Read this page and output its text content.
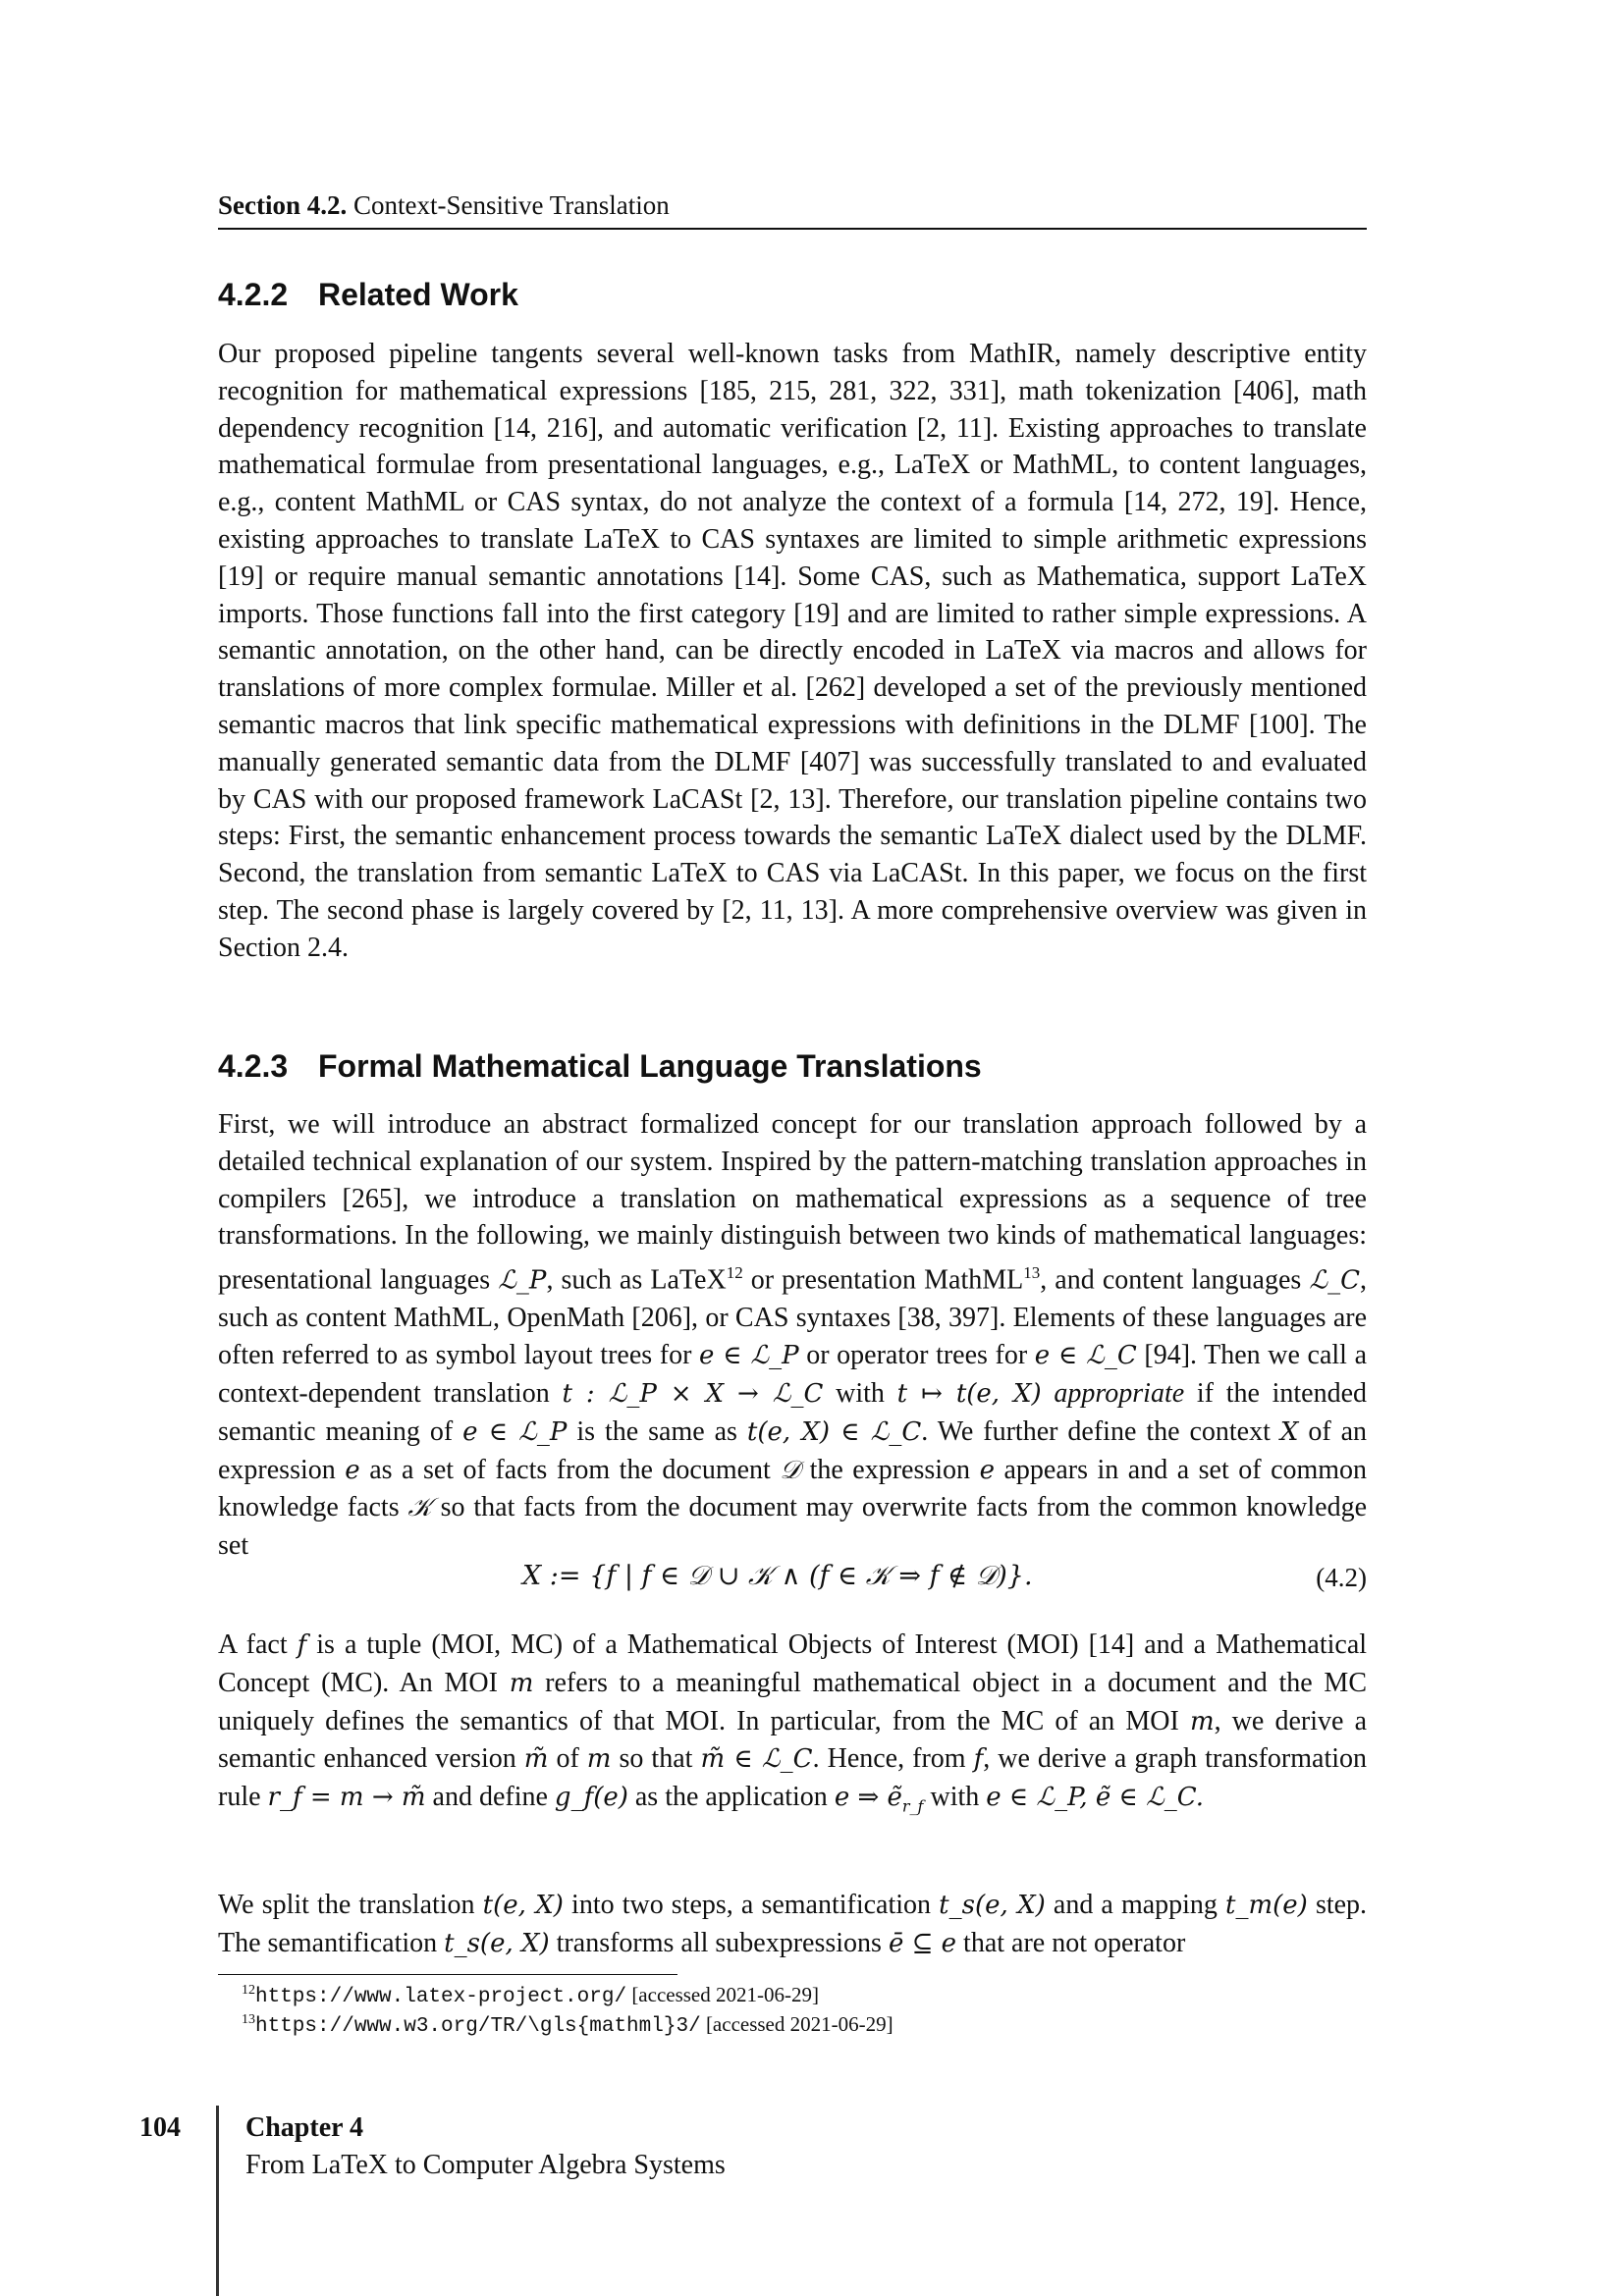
Section 4.2. Context-Sensitive Translation
4.2.2 Related Work

Our proposed pipeline tangents several well-known tasks from MathIR, namely descriptive entity recognition for mathematical expressions [185, 215, 281, 322, 331], math tokenization [406], math dependency recognition [14, 216], and automatic verification [2, 11]. Existing approaches to translate mathematical formulae from presentational languages, e.g., LaTeX or MathML, to content languages, e.g., content MathML or CAS syntax, do not analyze the context of a formula [14, 272, 19]. Hence, existing approaches to translate LaTeX to CAS syntaxes are limited to simple arithmetic expressions [19] or require manual semantic annotations [14]. Some CAS, such as Mathematica, support LaTeX imports. Those functions fall into the first category [19] and are limited to rather simple expressions. A semantic annotation, on the other hand, can be directly encoded in LaTeX via macros and allows for translations of more complex formulae. Miller et al. [262] developed a set of the previously mentioned semantic macros that link specific mathematical expressions with definitions in the DLMF [100]. The manually generated semantic data from the DLMF [407] was successfully translated to and evaluated by CAS with our proposed framework LaCASt [2, 13]. Therefore, our translation pipeline contains two steps: First, the semantic enhancement process towards the semantic LaTeX dialect used by the DLMF. Second, the translation from semantic LaTeX to CAS via LaCASt. In this paper, we focus on the first step. The second phase is largely covered by [2, 11, 13]. A more comprehensive overview was given in Section 2.4.

4.2.3 Formal Mathematical Language Translations

First, we will introduce an abstract formalized concept for our translation approach followed by a detailed technical explanation of our system. Inspired by the pattern-matching translation approaches in compilers [265], we introduce a translation on mathematical expressions as a sequence of tree transformations. In the following, we mainly distinguish between two kinds of mathematical languages: presentational languages ℒ_P, such as LaTeX$^{12}$ or presentation MathML$^{13}$, and content languages ℒ_C, such as content MathML, OpenMath [206], or CAS syntaxes [38, 397]. Elements of these languages are often referred to as symbol layout trees for e ∈ ℒ_P or operator trees for e ∈ ℒ_C [94]. Then we call a context-dependent translation t : ℒ_P × X → ℒ_C with t ↦ t(e, X) appropriate if the intended semantic meaning of e ∈ ℒ_P is the same as t(e, X) ∈ ℒ_C. We further define the context X of an expression e as a set of facts from the document 𝒟 the expression e appears in and a set of common knowledge facts 𝒦 so that facts from the document may overwrite facts from the common knowledge set

X := {f | f ∈ 𝒟 ∪ 𝒦 ∧ (f ∈ 𝒦 ⇒ f ∉ 𝒟)}.	(4.2)

A fact f is a tuple (MOI, MC) of a Mathematical Objects of Interest (MOI) [14] and a Mathematical Concept (MC). An MOI m refers to a meaningful mathematical object in a document and the MC uniquely defines the semantics of that MOI. In particular, from the MC of an MOI m, we derive a semantic enhanced version m̃ of m so that m̃ ∈ ℒ_C. Hence, from f, we derive a graph transformation rule r_f = m → m̃ and define g_f(e) as the application e ⇒ ẽ$_{r\_f}$ with e ∈ ℒ_P, ẽ ∈ ℒ_C.

We split the translation t(e, X) into two steps, a semantification t_s(e, X) and a mapping t_m(e) step. The semantification t_s(e, X) transforms all subexpressions ē ⊆ e that are not operator

$^{12}$https://www.latex-project.org/ [accessed 2021-06-29]
$^{13}$https://www.w3.org/TR/\gls{mathml}3/ [accessed 2021-06-29]
104 Chapter 4
From LaTeX to Computer Algebra Systems
